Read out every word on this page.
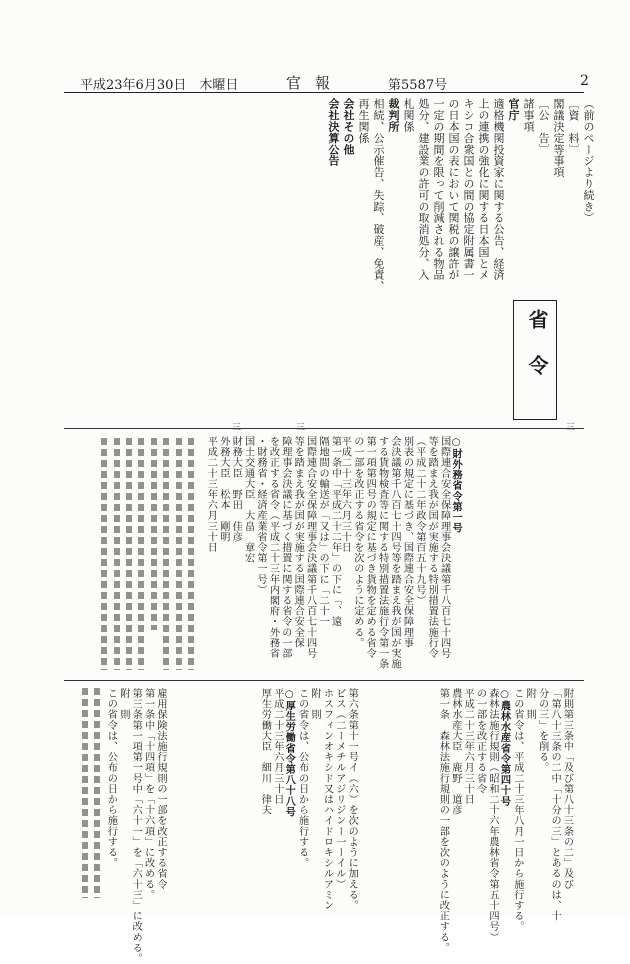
平成23年6月30日　木曜日	官報	第5587号	2
（前のページより続き）
〔資　料〕
閣議決定等事項
〔公　告〕
諸事項
官庁
適格機関投資家に関する公告、経済
上の連携の強化に関する日本国とメ
キシコ合衆国との間の協定附属書一
の日本国の表において関税の譲許が
一定の期間を限って削減される物品
処分、建設業の許可の取消処分、入
札関係
裁判所
相続、公示催告、失踪、破産、免責、
再生関係
会社その他
会社決算公告
省令
○財外務省令第一号
国際連合安全保障理事会決議第千八百七十四号
等を踏まえ我が国が実施する特別措置法施行令
（平成二十二年政令第百五十九号）
別表の規定に基づき、国際連合安全保障理事
会決議第千八百七十四号等を踏まえ我が国が実施
する貨物検査等に関する特別措置法施行令第一条
第一項第四号の規定に基づき貨物を定める省令
の一部を改正する省令を次のように定める。
平成二十三年六月三十日
第一条中「平成二十二年」の下に「、遠
隔地間の輸送が「又は」の下に「二十一
国際連合安全保障理事会決議第千八百七十四号
等を踏まえ我が国が実施する国際連合安全保
障理事会決議に基づく措置に関する省令の一部
を改正する省令（平成二十三年内閣府・外務省
・財務省・経済産業省令第一号）
国土交通大臣　大畠　章宏
財務大臣　野田　佳彦
外務大臣　松本　剛明
平成二十三年六月三十日
附則第三条中「及び第八十三条の二」及び
「第八十三条の二中「十分の三」とあるのは、十
分の三」を削る。
附　則
この省令は、平成二十三年八月一日から施行する。
○農林水産省令第四十号
森林法施行規則（昭和二十六年農林省令第五十四号）
の一部を改正する省令
平成二十三年六月三十日
農林水産大臣　鹿野　道彦
第一条　森林法施行規則の一部を次のように改正する。
第六条第十一号イ（六）を次のように加える。
ビス（二ーメチルアジリジンー一ーイル）
ホスフィンオキシド又はハイドロキシルアミン
附　則
この省令は、公布の日から施行する。
○厚生労働省令第八十八号
平成二十三年六月三十日
厚生労働大臣　細川　律夫
雇用保険法施行規則の一部を改正する省令
第一条中「十四項」を「十六項」に改める。
第三条第一項第一号中「六十一」を「六十三」に改める。
附　則
この省令は、公布の日から施行する。
三	三	三
